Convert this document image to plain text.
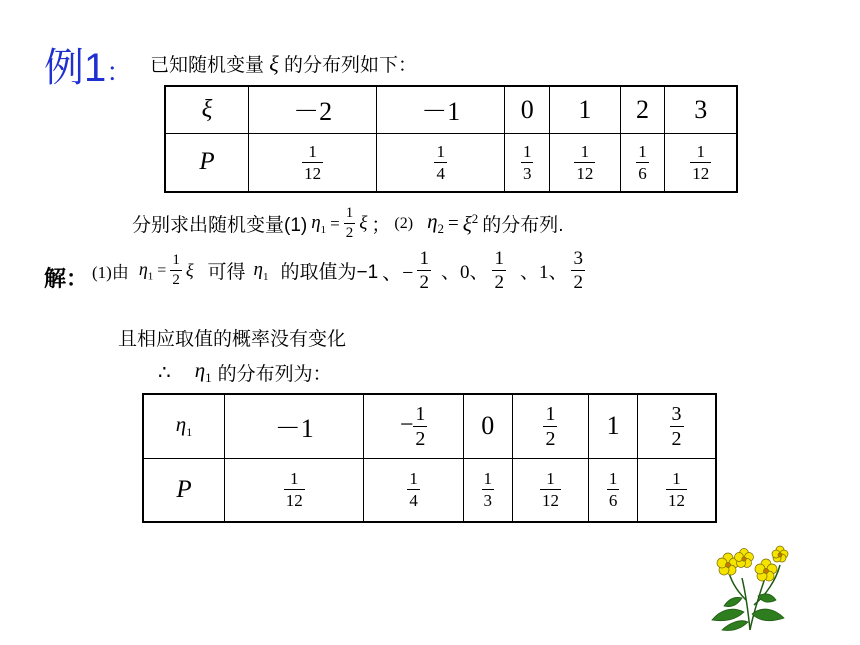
例1： 已知随机变量 ξ 的分布列如下：
ξ	－2	－1	0	1	2	3
P	$\frac{1}{12}$	$\frac{1}{4}$	$\frac{1}{3}$	$\frac{1}{12}$	$\frac{1}{6}$	$\frac{1}{12}$
分别求出随机变量(1) $\eta_1 = \frac{1}{2}$ ξ ； (2) $\eta_2 = \xi^2$ 的分布列.
解： (1)由 $\eta_1 = \frac{1}{2}$ ξ 可得 $\eta_1$ 的取值为−1 、− $\frac{1}{2}$ 、0、 $\frac{1}{2}$ 、1、 $\frac{3}{2}$
且相应取值的概率没有变化
∴ $\eta_1$ 的分布列为：
$\eta_1$	－1	− $\frac{1}{2}$	0	$\frac{1}{2}$	1	$\frac{3}{2}$

P	$\frac{1}{12}$	$\frac{1}{4}$	$\frac{1}{3}$	$\frac{1}{12}$	$\frac{1}{6}$	$\frac{1}{12}$
